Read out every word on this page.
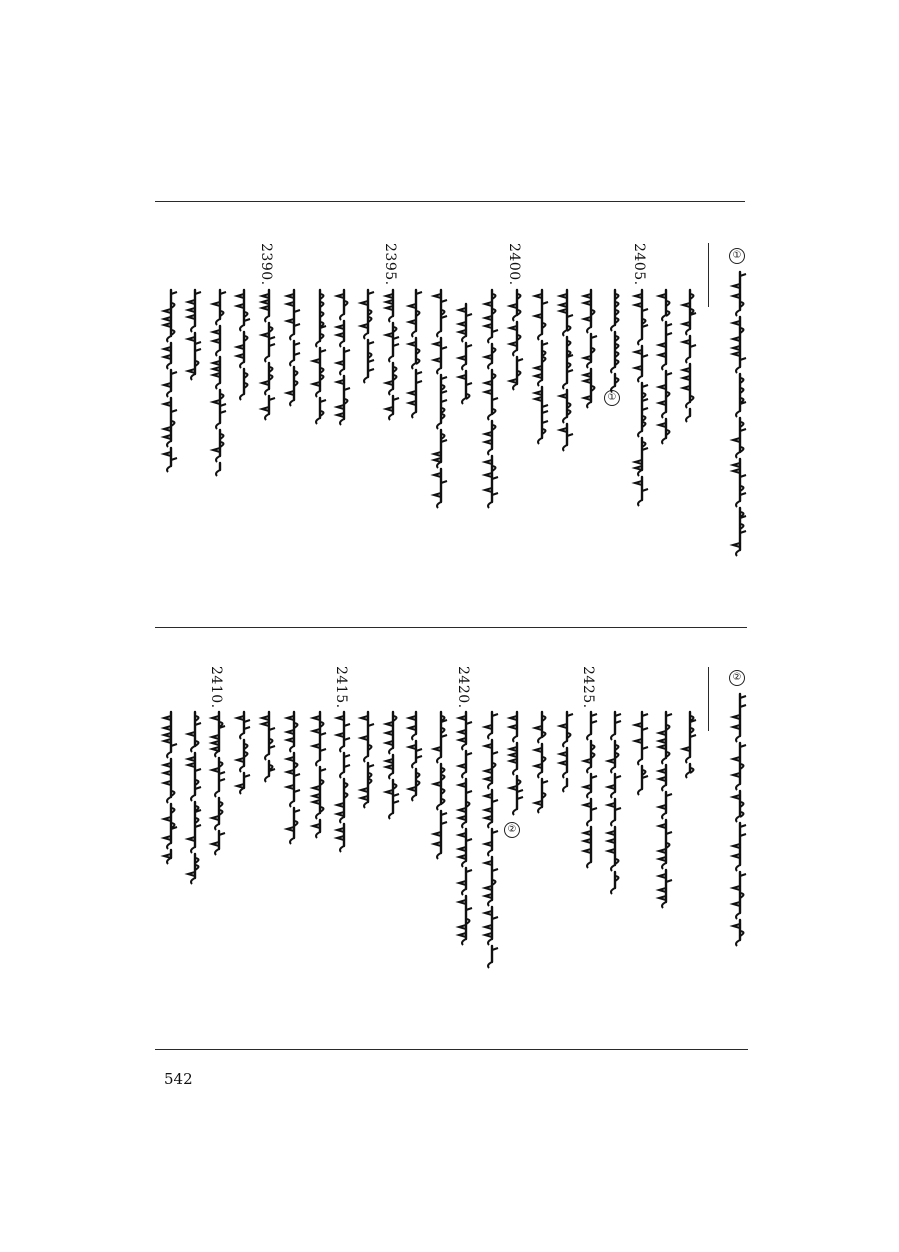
①
2405.
2400.
2395.
2390.
①
②
2425.
2420.
2415.
2410.
②
542
